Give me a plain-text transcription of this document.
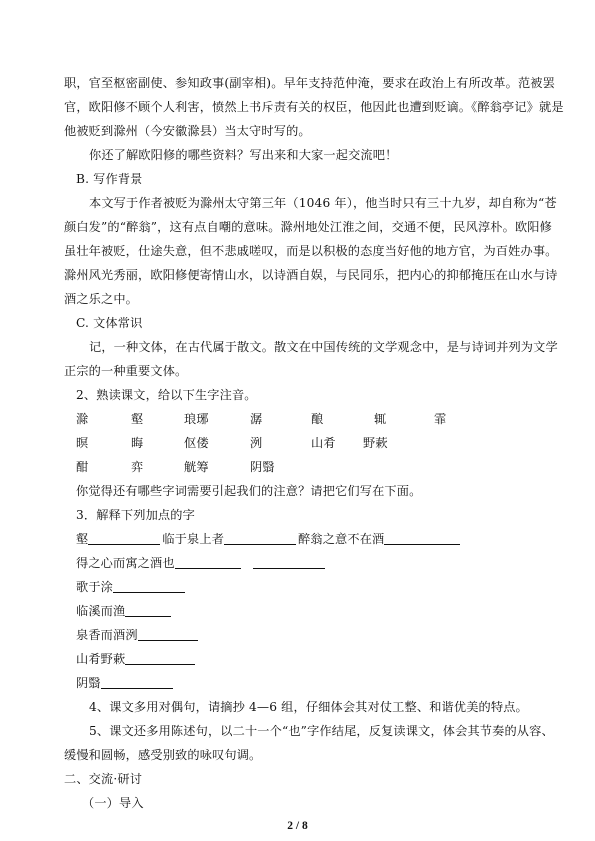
职，官至枢密副使、参知政事(副宰相)。早年支持范仲淹，要求在政治上有所改革。范被罢
官，欧阳修不顾个人利害，愤然上书斥责有关的权臣，他因此也遭到贬谪。《醉翁亭记》就是
他被贬到滁州（今安徽滁县）当太守时写的。
你还了解欧阳修的哪些资料？写出来和大家一起交流吧！
B. 写作背景
本文写于作者被贬为滁州太守第三年（1046 年），他当时只有三十九岁，却自称为“苍
颜白发”的“醉翁”，这有点自嘲的意味。滁州地处江淮之间，交通不便，民风淳朴。欧阳修
虽壮年被贬，仕途失意，但不悲戚嗟叹，而是以积极的态度当好他的地方官，为百姓办事。
滁州风光秀丽，欧阳修便寄情山水，以诗酒自娱，与民同乐，把内心的抑郁掩压在山水与诗
酒之乐之中。
C. 文体常识
记，一种文体，在古代属于散文。散文在中国传统的文学观念中，是与诗词并列为文学
正宗的一种重要文体。
2、熟读课文，给以下生字注音。
滁	壑	琅琊	潺	酿	辄	霏
暝	晦	伛偻	洌	山肴 野蔌
酣	弈	觥筹	阴翳
你觉得还有哪些字词需要引起我们的注意？请把它们写在下面。
3．解释下列加点的字
壑	临于泉上者	醉翁之意不在酒
得之心而寓之酒也
歌于涂
临溪而渔
泉香而酒洌
山肴野蔌
阴翳
4、课文多用对偶句，请摘抄 4—6 组，仔细体会其对仗工整、和谐优美的特点。
5、课文还多用陈述句，以二十一个“也”字作结尾，反复读课文，体会其节奏的从容、
缓慢和圆畅，感受别致的咏叹句调。
二、交流·研讨
（一）导入
2 / 8
